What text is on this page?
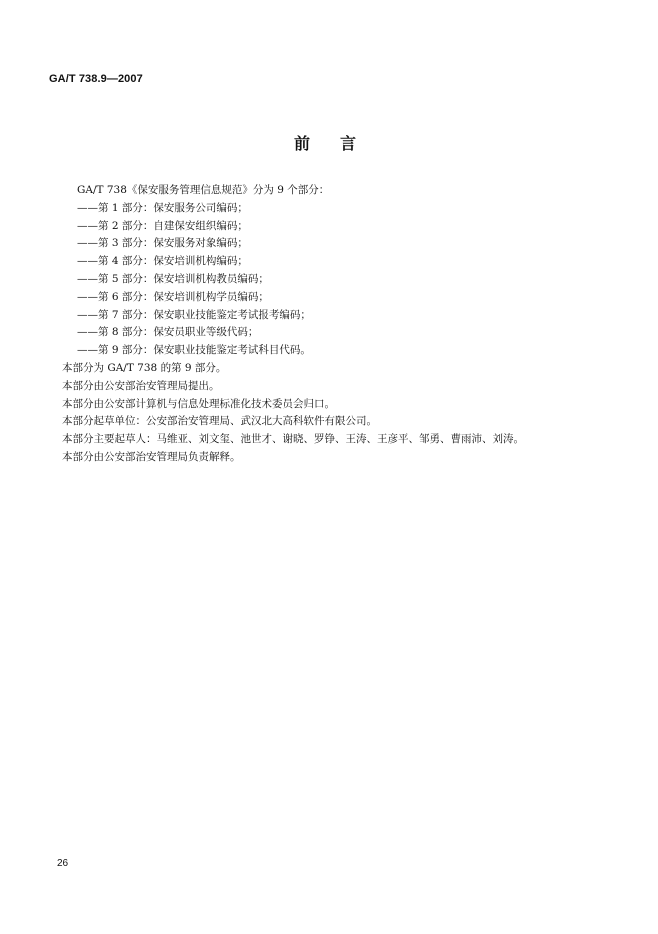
GA/T 738.9—2007
前言
GA/T 738《保安服务管理信息规范》分为 9 个部分：
——第 1 部分：保安服务公司编码；
——第 2 部分：自建保安组织编码；
——第 3 部分：保安服务对象编码；
——第 4 部分：保安培训机构编码；
——第 5 部分：保安培训机构教员编码；
——第 6 部分：保安培训机构学员编码；
——第 7 部分：保安职业技能鉴定考试报考编码；
——第 8 部分：保安员职业等级代码；
——第 9 部分：保安职业技能鉴定考试科目代码。
本部分为 GA/T 738 的第 9 部分。
本部分由公安部治安管理局提出。
本部分由公安部计算机与信息处理标准化技术委员会归口。
本部分起草单位：公安部治安管理局、武汉北大高科软件有限公司。
本部分主要起草人：马维亚、刘文玺、池世才、谢晓、罗铮、王涛、王彦平、邹勇、曹雨沛、刘涛。
本部分由公安部治安管理局负责解释。
26
